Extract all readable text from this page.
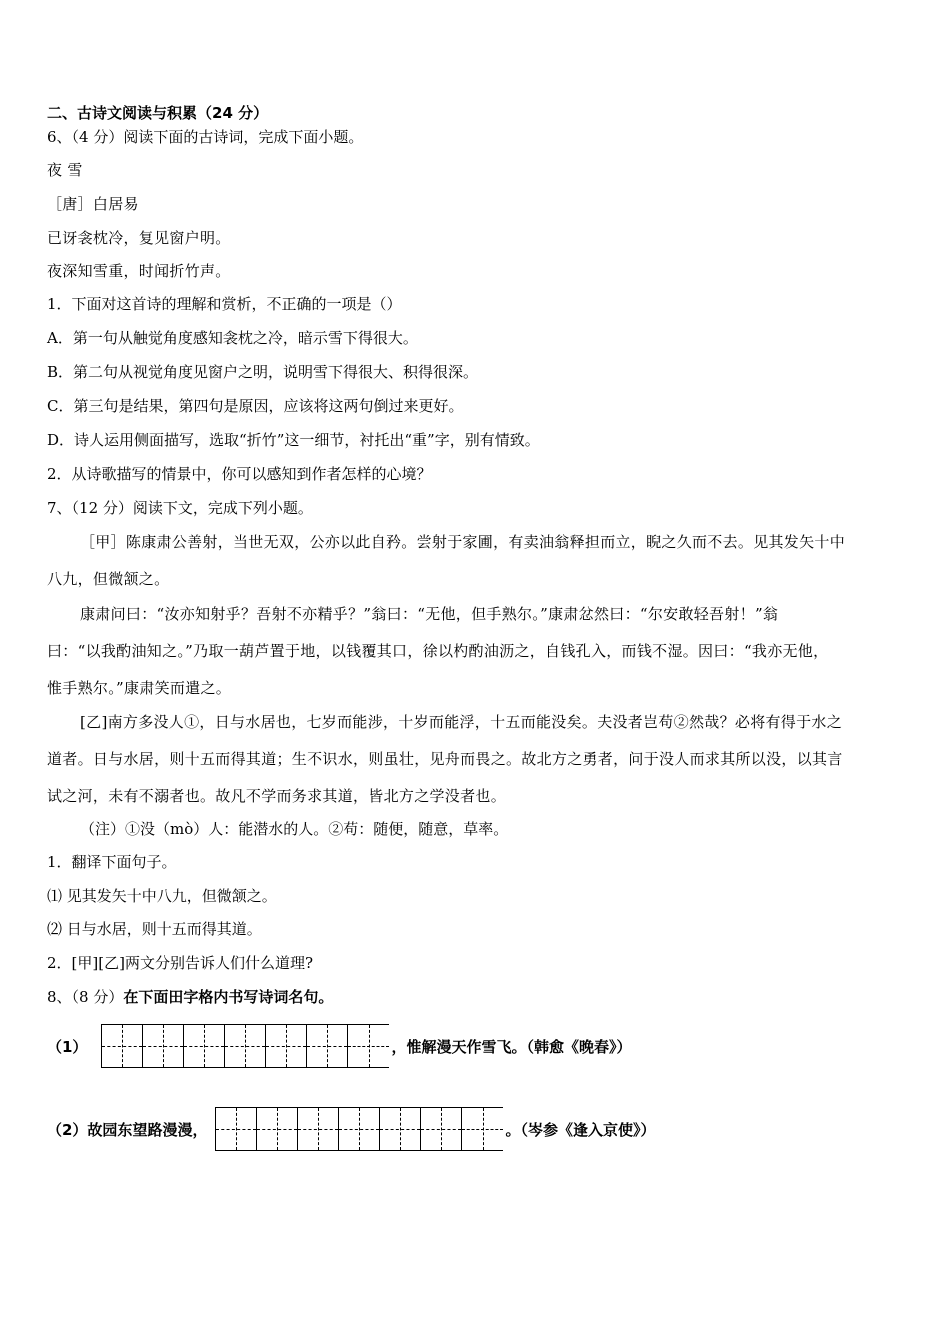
二、古诗文阅读与积累（24 分）
6、（4 分）阅读下面的古诗词，完成下面小题。
夜 雪
［唐］白居易
已讶衾枕冷，复见窗户明。
夜深知雪重，时闻折竹声。
1．下面对这首诗的理解和赏析，不正确的一项是（）
A．第一句从触觉角度感知衾枕之冷，暗示雪下得很大。
B．第二句从视觉角度见窗户之明，说明雪下得很大、积得很深。
C．第三句是结果，第四句是原因，应该将这两句倒过来更好。
D．诗人运用侧面描写，选取“折竹”这一细节，衬托出“重”字，别有情致。
2．从诗歌描写的情景中，你可以感知到作者怎样的心境？
7、（12 分）阅读下文，完成下列小题。
［甲］陈康肃公善射，当世无双，公亦以此自矜。尝射于家圃，有卖油翁释担而立，睨之久而不去。见其发矢十中
八九，但微颔之。
康肃问曰：“汝亦知射乎？吾射不亦精乎？”翁曰：“无他，但手熟尔。”康肃忿然曰：“尔安敢轻吾射！”翁
曰：“以我酌油知之。”乃取一葫芦置于地，以钱覆其口，徐以杓酌油沥之，自钱孔入，而钱不湿。因曰：“我亦无他，
惟手熟尔。”康肃笑而遣之。
[乙]南方多没人①，日与水居也，七岁而能涉，十岁而能浮，十五而能没矣。夫没者岂苟②然哉？必将有得于水之
道者。日与水居，则十五而得其道；生不识水，则虽壮，见舟而畏之。故北方之勇者，问于没人而求其所以没，以其言
试之河，未有不溺者也。故凡不学而务求其道，皆北方之学没者也。
（注）①没（mò）人：能潜水的人。②苟：随便，随意，草率。
1．翻译下面句子。
⑴ 见其发矢十中八九，但微颔之。
⑵ 日与水居，则十五而得其道。
2．[甲][乙]两文分别告诉人们什么道理?
8、（8 分）在下面田字格内书写诗词名句。
（1）	，惟解漫天作雪飞。（韩愈《晚春》）
（2）故园东望路漫漫，	。（岑参《逢入京使》）
